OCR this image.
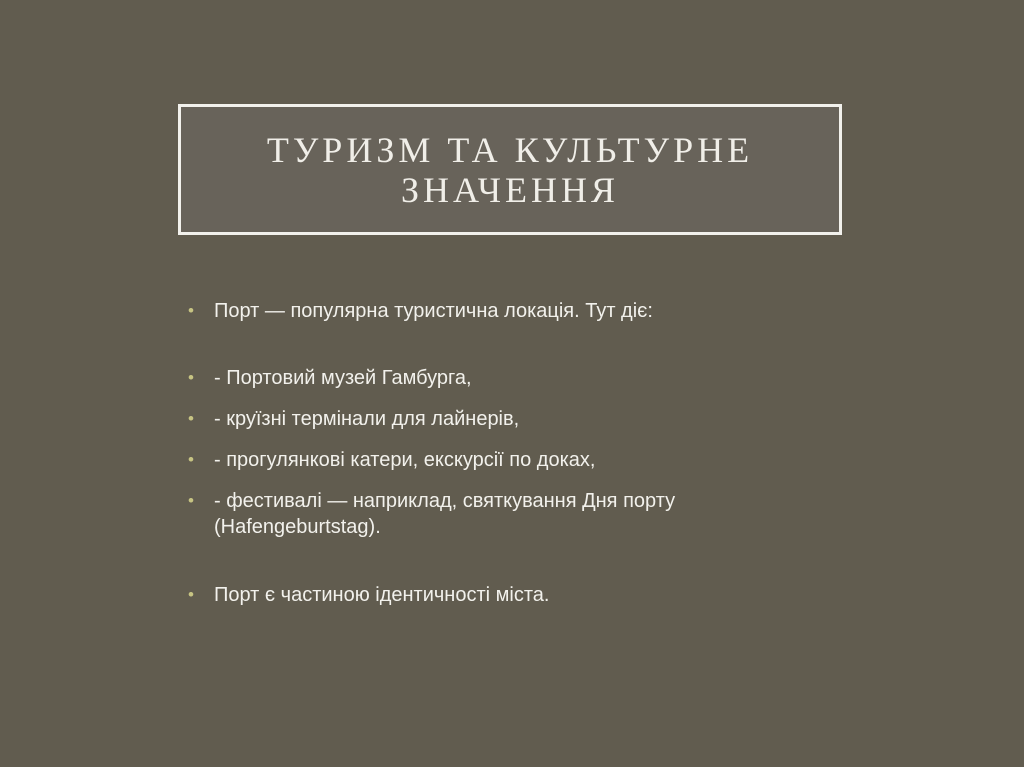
ТУРИЗМ ТА КУЛЬТУРНЕ
ЗНАЧЕННЯ
• Порт — популярна туристична локація. Тут діє:
• - Портовий музей Гамбурга,
• - круїзні термінали для лайнерів,
• - прогулянкові катери, екскурсії по доках,
• - фестивалі — наприклад, святкування Дня порту
(Hafengeburtstag).
• Порт є частиною ідентичності міста.
